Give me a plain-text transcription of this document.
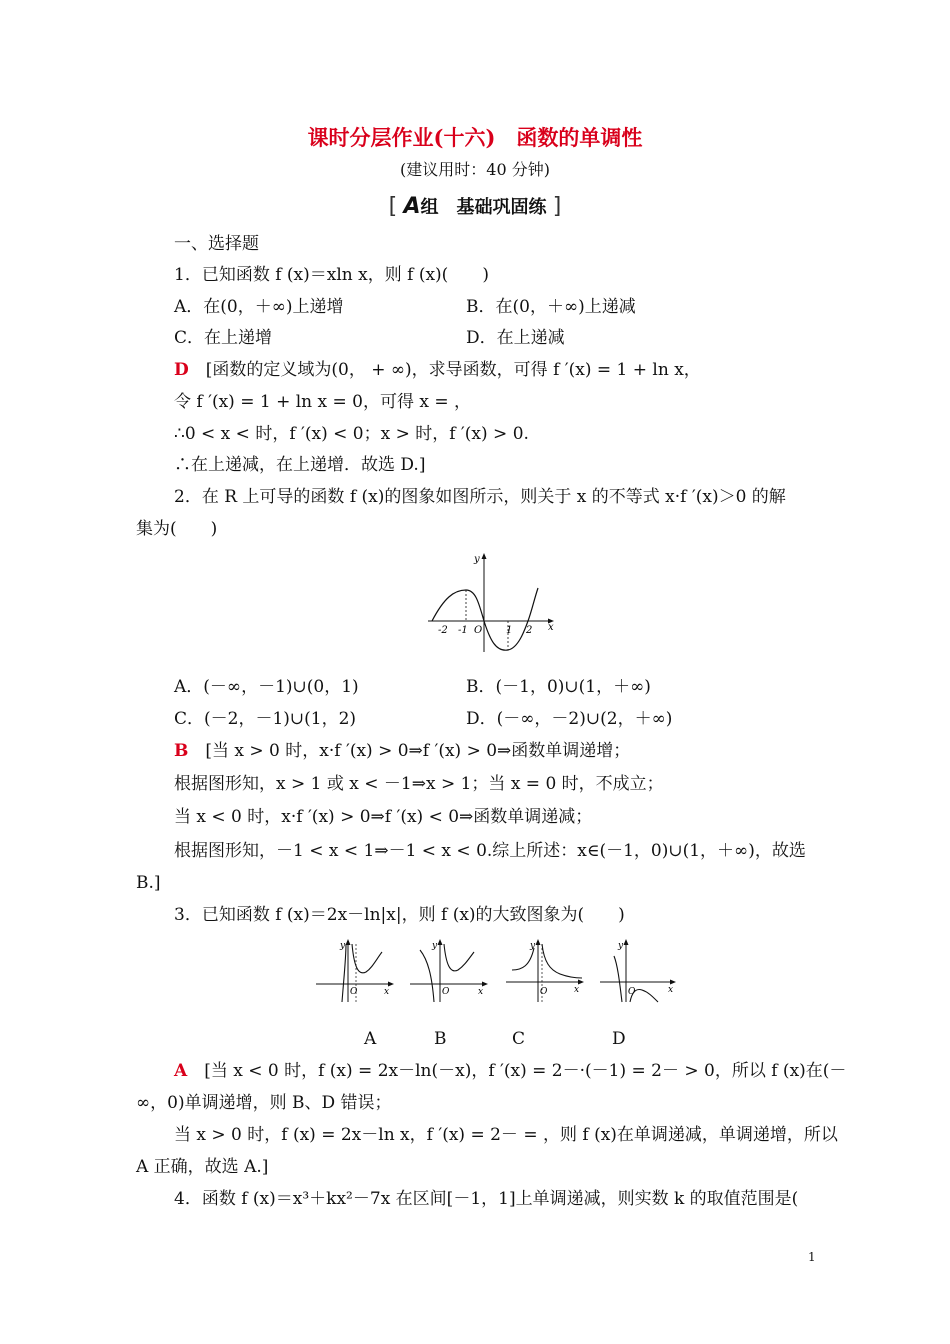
课时分层作业(十六)　函数的单调性
(建议用时：40 分钟)
[ A组　基础巩固练 ]
一、选择题
1．已知函数 f (x)＝xln x，则 f (x)(　　)
A．在(0，＋∞)上递增	B．在(0，＋∞)上递减
C．在上递增	D．在上递减
D　 [函数的定义域为(0， + ∞)，求导函数，可得 f ′(x) = 1 + ln x，
令 f ′(x) = 1 + ln x = 0，可得 x = ，
∴0 < x < 时，f ′(x) < 0；x > 时，f ′(x) > 0.
∴在上递减，在上递增．故选 D.]
2．在 R 上可导的函数 f (x)的图象如图所示，则关于 x 的不等式 x·f ′(x)＞0 的解
集为(　　)
y
x
-2 -1 O 1 2
A．(－∞，－1)∪(0，1)	B．(－1，0)∪(1，＋∞)
C．(－2，－1)∪(1，2)	D．(－∞，－2)∪(2，＋∞)
B　 [当 x > 0 时，x·f ′(x) > 0⇒f ′(x) > 0⇒函数单调递增；
根据图形知，x > 1 或 x < －1⇒x > 1；当 x = 0 时，不成立；
当 x < 0 时，x·f ′(x) > 0⇒f ′(x) < 0⇒函数单调递减；
根据图形知，－1 < x < 1⇒－1 < x < 0.综上所述：x∈(－1，0)∪(1，＋∞)，故选
B.]
3．已知函数 f (x)＝2x－ln|x|，则 f (x)的大致图象为(　　)
y
x
O
y
x
O
y
x
O
y
x
O
A	B	C	D
A　 [当 x < 0 时，f (x) = 2x－ln(－x)，f ′(x) = 2－·(－1) = 2－ > 0，所以 f (x)在(－
∞，0)单调递增，则 B、D 错误；
当 x > 0 时，f (x) = 2x－ln x，f ′(x) = 2－ = ，则 f (x)在单调递减，单调递增，所以
A 正确，故选 A.]
4．函数 f (x)＝x³＋kx²－7x 在区间[－1，1]上单调递减，则实数 k 的取值范围是(
1
